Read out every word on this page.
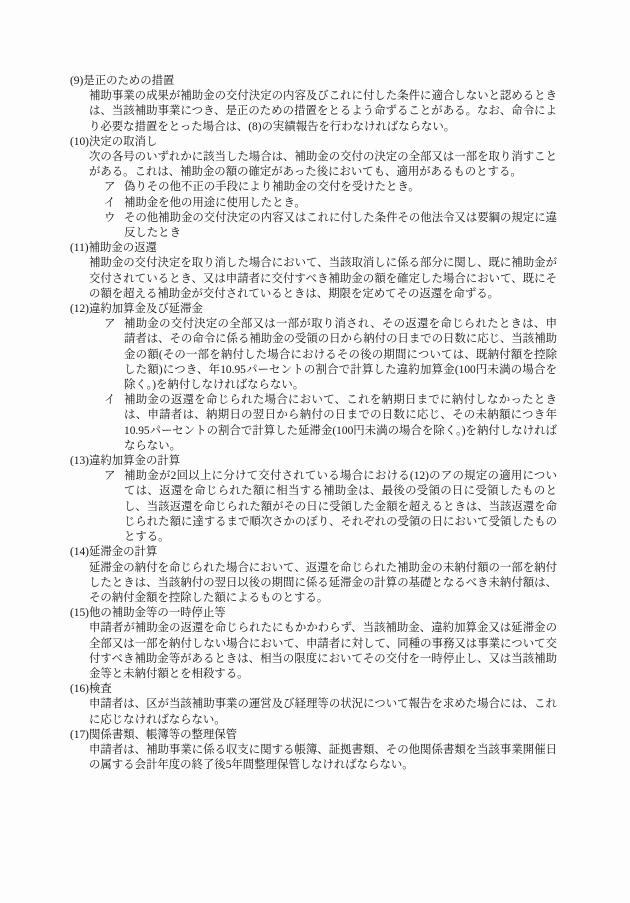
(9)是正のための措置

補助事業の成果が補助金の交付決定の内容及びこれに付した条件に適合しないと認めるときは、当該補助事業につき、是正のための措置をとるよう命ずることがある。なお、命令により必要な措置をとった場合は、(8)の実績報告を行わなければならない。

(10)決定の取消し

次の各号のいずれかに該当した場合は、補助金の交付の決定の全部又は一部を取り消すことがある。これは、補助金の額の確定があった後においても、適用があるものとする。

ア 偽りその他不正の手段により補助金の交付を受けたとき。
イ 補助金を他の用途に使用したとき。
ウ その他補助金の交付決定の内容又はこれに付した条件その他法令又は要綱の規定に違反したとき
(11)補助金の返還

補助金の交付決定を取り消した場合において、当該取消しに係る部分に関し、既に補助金が交付されているとき、又は申請者に交付すべき補助金の額を確定した場合において、既にその額を超える補助金が交付されているときは、期限を定めてその返還を命ずる。

(12)違約加算金及び延滞金
ア 補助金の交付決定の全部又は一部が取り消され、その返還を命じられたときは、申請者は、その命令に係る補助金の受領の日から納付の日までの日数に応じ、当該補助金の額(その一部を納付した場合におけるその後の期間については、既納付額を控除した額)につき、年10.95パーセントの割合で計算した違約加算金(100円未満の場合を除く。)を納付しなければならない。
イ 補助金の返還を命じられた場合において、これを納期日までに納付しなかったときは、申請者は、納期日の翌日から納付の日までの日数に応じ、その未納額につき年10.95パーセントの割合で計算した延滞金(100円未満の場合を除く。)を納付しなければならない。
(13)違約加算金の計算
ア 補助金が2回以上に分けて交付されている場合における(12)のアの規定の適用については、返還を命じられた額に相当する補助金は、最後の受領の日に受領したものとし、当該返還を命じられた額がその日に受領した金額を超えるときは、当該返還を命じられた額に達するまで順次さかのぼり、それぞれの受領の日において受領したものとする。
(14)延滞金の計算

延滞金の納付を命じられた場合において、返還を命じられた補助金の未納付額の一部を納付したときは、当該納付の翌日以後の期間に係る延滞金の計算の基礎となるべき未納付額は、その納付金額を控除した額によるものとする。

(15)他の補助金等の一時停止等

申請者が補助金の返還を命じられたにもかかわらず、当該補助金、違約加算金又は延滞金の全部又は一部を納付しない場合において、申請者に対して、同種の事務又は事業について交付すべき補助金等があるときは、相当の限度においてその交付を一時停止し、又は当該補助金等と未納付額とを相殺する。

(16)検査

申請者は、区が当該補助事業の運営及び経理等の状況について報告を求めた場合には、これに応じなければならない。

(17)関係書類、帳簿等の整理保管

申請者は、補助事業に係る収支に関する帳簿、証拠書類、その他関係書類を当該事業開催日の属する会計年度の終了後5年間整理保管しなければならない。
